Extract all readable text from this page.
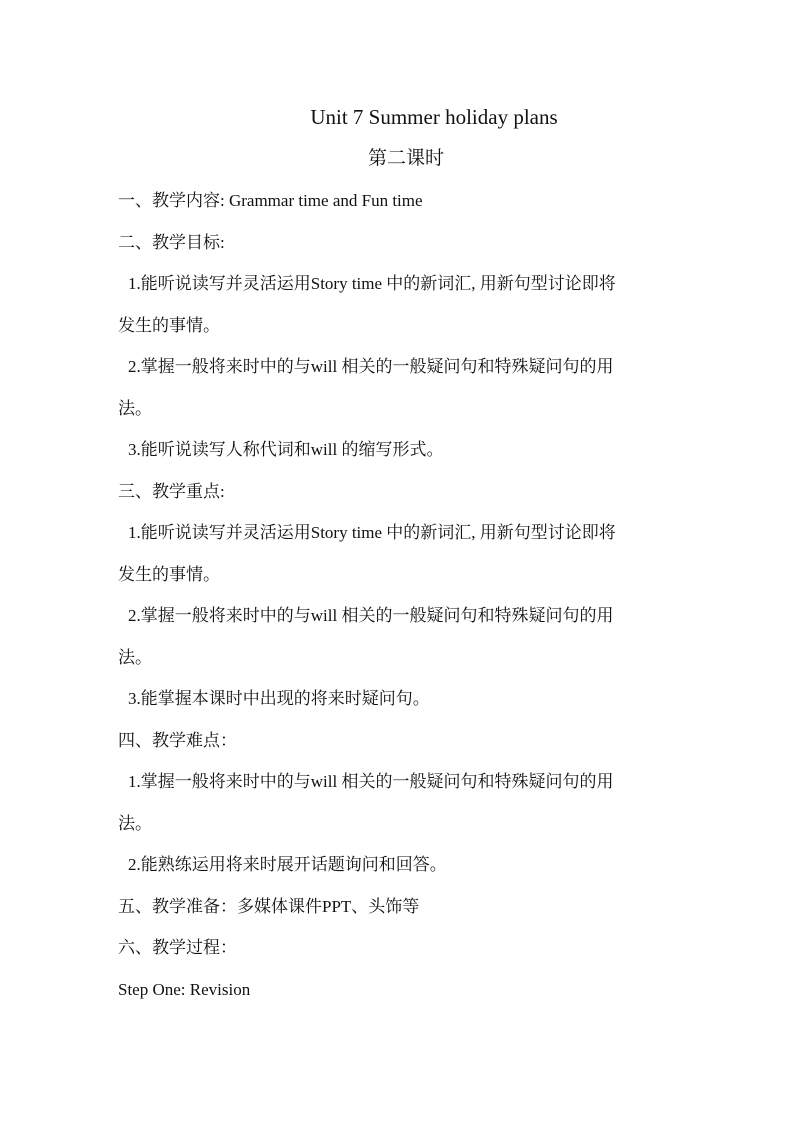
Unit 7 Summer holiday plans
第二课时

一、教学内容: Grammar time and Fun time

二、教学目标:

1.能听说读写并灵活运用Story time 中的新词汇, 用新句型讨论即将

发生的事情。

2.掌握一般将来时中的与will 相关的一般疑问句和特殊疑问句的用

法。

3.能听说读写人称代词和will 的缩写形式。

三、教学重点:

1.能听说读写并灵活运用Story time 中的新词汇, 用新句型讨论即将

发生的事情。

2.掌握一般将来时中的与will 相关的一般疑问句和特殊疑问句的用

法。

3.能掌握本课时中出现的将来时疑问句。

四、教学难点：

1.掌握一般将来时中的与will 相关的一般疑问句和特殊疑问句的用

法。

2.能熟练运用将来时展开话题询问和回答。

五、教学准备：多媒体课件PPT、头饰等

六、教学过程：

Step One: Revision
